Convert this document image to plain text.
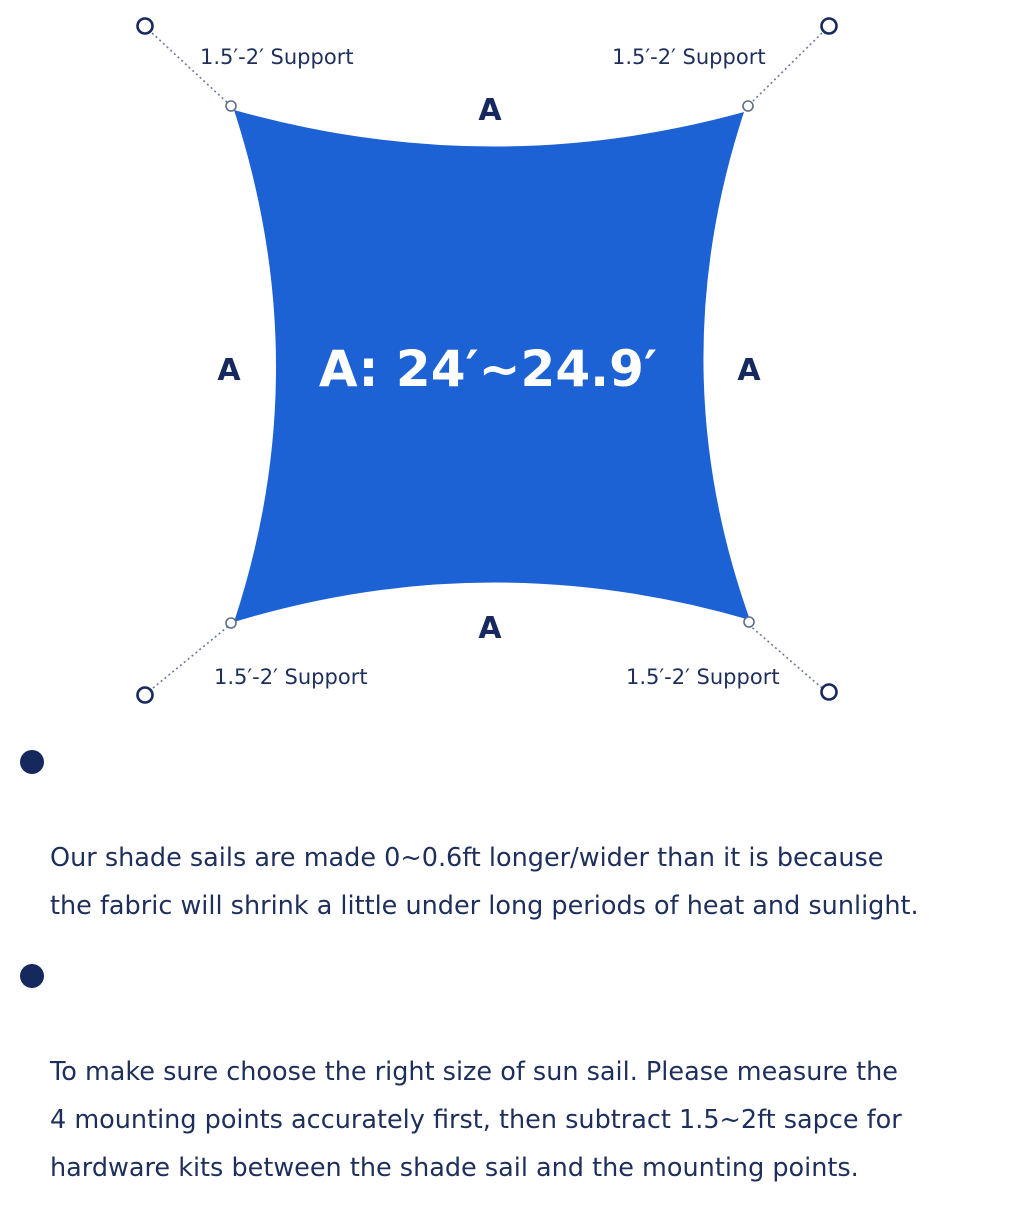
1.5′-2′ Support	1.5′-2′ Support
1.5′-2′ Support	1.5′-2′ Support
A
A	A
A
A: 24′~24.9′

Our shade sails are made 0~0.6ft longer/wider than it is because
the fabric will shrink a little under long periods of heat and sunlight.

To make sure choose the right size of sun sail. Please measure the
4 mounting points accurately first, then subtract 1.5~2ft sapce for
hardware kits between the shade sail and the mounting points.
